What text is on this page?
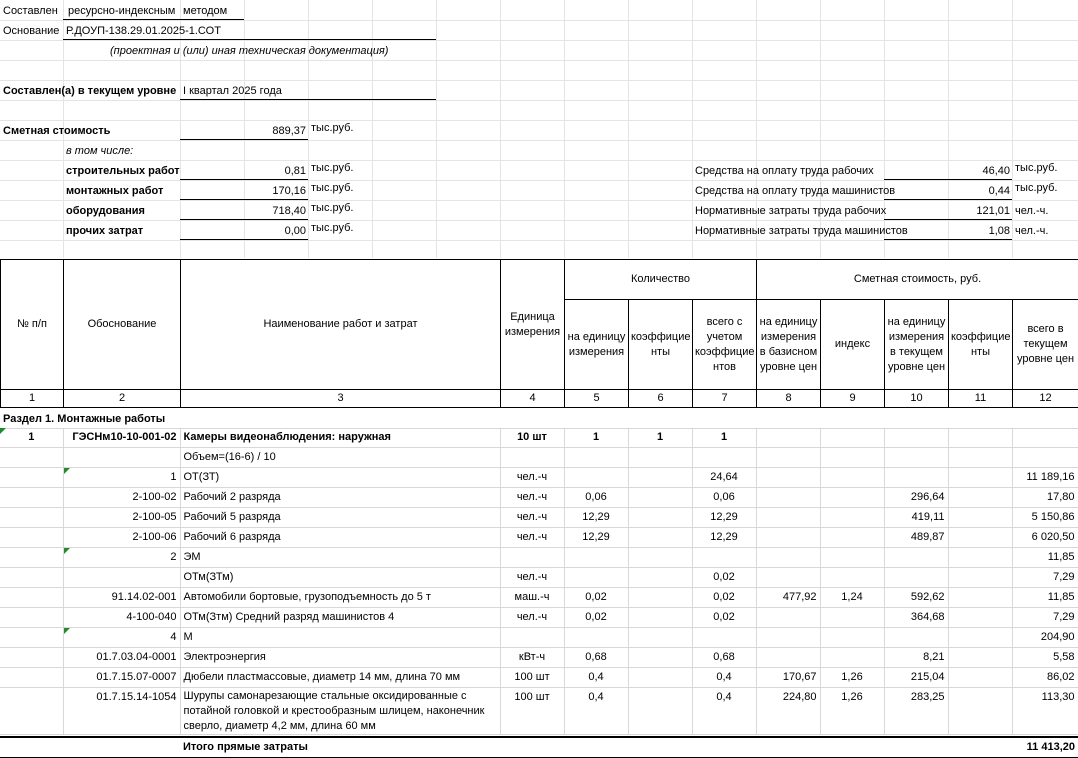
Составлен ресурсно-индексным методом
Основание Р.ДОУП-138.29.01.2025-1.СОТ
(проектная и (или) иная техническая документация)
Составлен(а) в текущем уровне I квартал 2025 года
Сметная стоимость	889,37 тыс.руб.
в том числе:
строительных работ	0,81 тыс.руб.
монтажных работ	170,16 тыс.руб.
оборудования	718,40 тыс.руб.
прочих затрат	0,00 тыс.руб.
Средства на оплату труда рабочих	46,40 тыс.руб.
Средства на оплату труда машинистов	0,44 тыс.руб.
Нормативные затраты труда рабочих	121,01 чел.-ч.
Нормативные затраты труда машинистов	1,08 чел.-ч.
№ п/п	Обоснование	Наименование работ и затрат	Единица измерения	Количество			Сметная стоимость, руб.				
				на единицу измерения	коэффицие нты	всего с учетом коэффицие нтов	на единицу измерения в базисном уровне цен	индекс	на единицу измерения в текущем уровне цен	коэффицие нты	всего в текущем уровне цен
1	2	3	4	5	6	7	8	9	10	11	12
Раздел 1. Монтажные работы
1	ГЭСНм10-10-001-02	Камеры видеонаблюдения: наружная	10 шт	1	1	1					
		Объем=(16-6) / 10									
	1	ОТ(ЗТ)	чел.-ч			24,64					11 189,16
	2-100-02	Рабочий 2 разряда	чел.-ч	0,06		0,06			296,64		17,80
	2-100-05	Рабочий 5 разряда	чел.-ч	12,29		12,29			419,11		5 150,86
	2-100-06	Рабочий 6 разряда	чел.-ч	12,29		12,29			489,87		6 020,50
	2	ЭМ									11,85
		ОТм(ЗТм)	чел.-ч			0,02					7,29
	91.14.02-001	Автомобили бортовые, грузоподъемность до 5 т	маш.-ч	0,02		0,02	477,92	1,24	592,62		11,85
	4-100-040	ОТм(Зтм) Средний разряд машинистов 4	чел.-ч	0,02		0,02			364,68		7,29
	4	М									204,90
	01.7.03.04-0001	Электроэнергия	кВт-ч	0,68		0,68			8,21		5,58
	01.7.15.07-0007	Дюбели пластмассовые, диаметр 14 мм, длина 70 мм	100 шт	0,4		0,4	170,67	1,26	215,04		86,02
	01.7.15.14-1054	Шурупы самонарезающие стальные оксидированные с потайной головкой и крестообразным шлицем, наконечник сверло, диаметр 4,2 мм, длина 60 мм	100 шт	0,4		0,4	224,80	1,26	283,25		113,30
Итого прямые затраты	11 413,20
